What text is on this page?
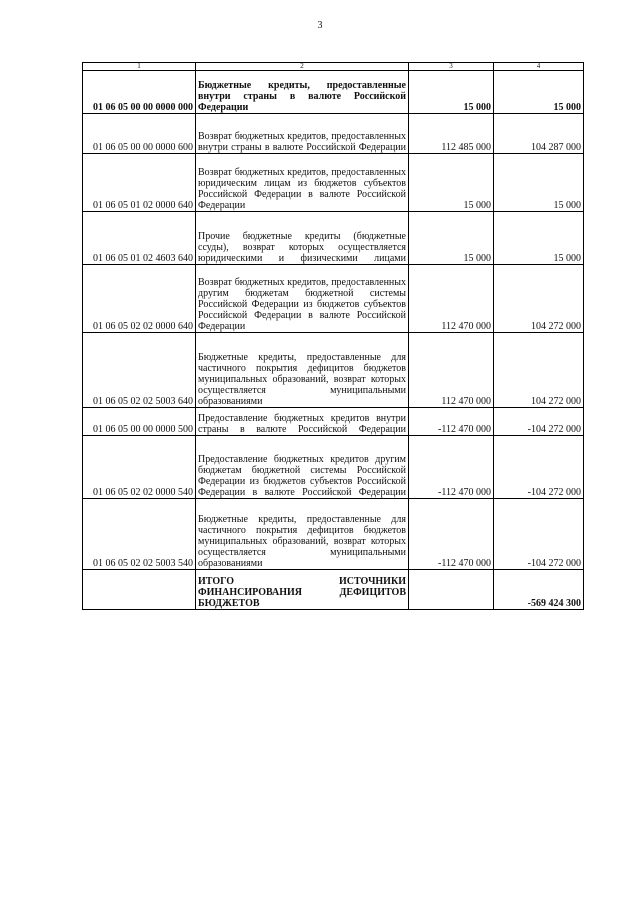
3
1	2	3	4
01 06 05 00 00 0000 000	Бюджетные кредиты, предоставленные внутри страны в валюте Российской Федерации	15 000	15 000
01 06 05 00 00 0000 600	Возврат бюджетных кредитов, предоставленных внутри страны в валюте Российской Федерации	112 485 000	104 287 000
01 06 05 01 02 0000 640	Возврат бюджетных кредитов, предоставленных юридическим лицам из бюджетов субъектов Российской Федерации в валюте Российской Федерации	15 000	15 000
01 06 05 01 02 4603 640	Прочие бюджетные кредиты (бюджетные ссуды), возврат которых осуществляется юридическими и физическими лицами	15 000	15 000
01 06 05 02 02 0000 640	Возврат бюджетных кредитов, предоставленных другим бюджетам бюджетной системы Российской Федерации из бюджетов субъектов Российской Федерации в валюте Российской Федерации	112 470 000	104 272 000
01 06 05 02 02 5003 640	Бюджетные кредиты, предоставленные для частичного покрытия дефицитов бюджетов муниципальных образований, возврат которых осуществляется муниципальными образованиями	112 470 000	104 272 000
01 06 05 00 00 0000 500	Предоставление бюджетных кредитов внутри страны в валюте Российской Федерации	-112 470 000	-104 272 000
01 06 05 02 02 0000 540	Предоставление бюджетных кредитов другим бюджетам бюджетной системы Российской Федерации из бюджетов субъектов Российской Федерации в валюте Российской Федерации	-112 470 000	-104 272 000
01 06 05 02 02 5003 540	Бюджетные кредиты, предоставленные для частичного покрытия дефицитов бюджетов муниципальных образований, возврат которых осуществляется муниципальными образованиями	-112 470 000	-104 272 000
	ИТОГО ИСТОЧНИКИ ФИНАНСИРОВАНИЯ ДЕФИЦИТОВ БЮДЖЕТОВ		-569 424 300
